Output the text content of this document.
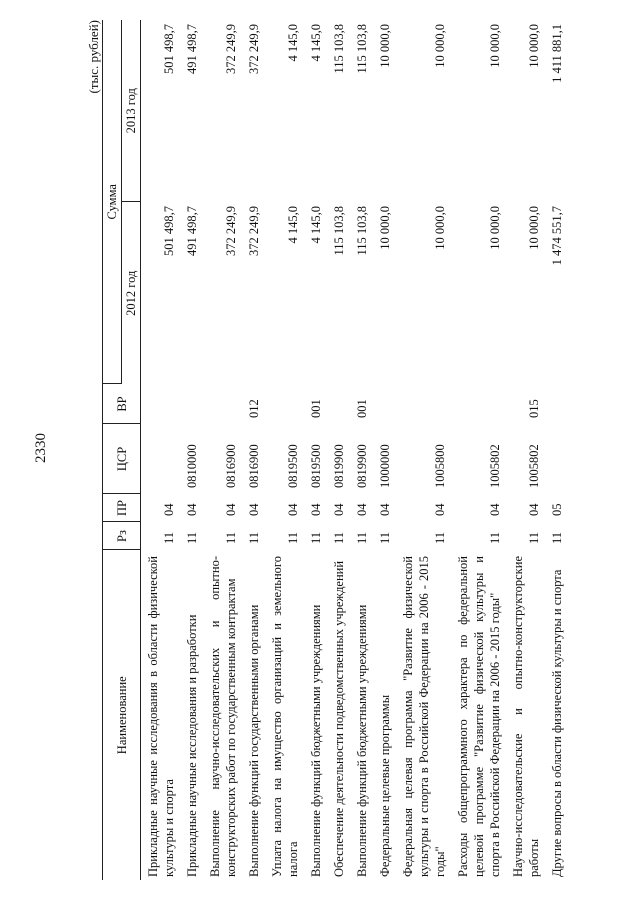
2330
(тыс. рублей)
Наименование	Рз	ПР	ЦСР	ВР	Сумма	
					2012 год	2013 год
Прикладные научные исследования в области физической культуры и спорта	11	04			501 498,7	501 498,7
Прикладные научные исследования и разработки	11	04	0810000		491 498,7	491 498,7
Выполнение научно-исследовательских и опытно-конструкторских работ по государственным контрактам	11	04	0816900		372 249,9	372 249,9
Выполнение функций государственными органами	11	04	0816900	012	372 249,9	372 249,9
Уплата налога на имущество организаций и земельного налога	11	04	0819500		4 145,0	4 145,0
Выполнение функций бюджетными учреждениями	11	04	0819500	001	4 145,0	4 145,0
Обеспечение деятельности подведомственных учреждений	11	04	0819900		115 103,8	115 103,8
Выполнение функций бюджетными учреждениями	11	04	0819900	001	115 103,8	115 103,8
Федеральные целевые программы	11	04	1000000		10 000,0	10 000,0
Федеральная целевая программа "Развитие физической культуры и спорта в Российской Федерации на 2006 - 2015 годы"	11	04	1005800		10 000,0	10 000,0
Расходы общепрограммного характера по федеральной целевой программе "Развитие физической культуры и спорта в Российской Федерации на 2006 - 2015 годы"	11	04	1005802		10 000,0	10 000,0
Научно-исследовательские и опытно-конструкторские работы	11	04	1005802	015	10 000,0	10 000,0
Другие вопросы в области физической культуры и спорта	11	05			1 474 551,7	1 411 881,1
